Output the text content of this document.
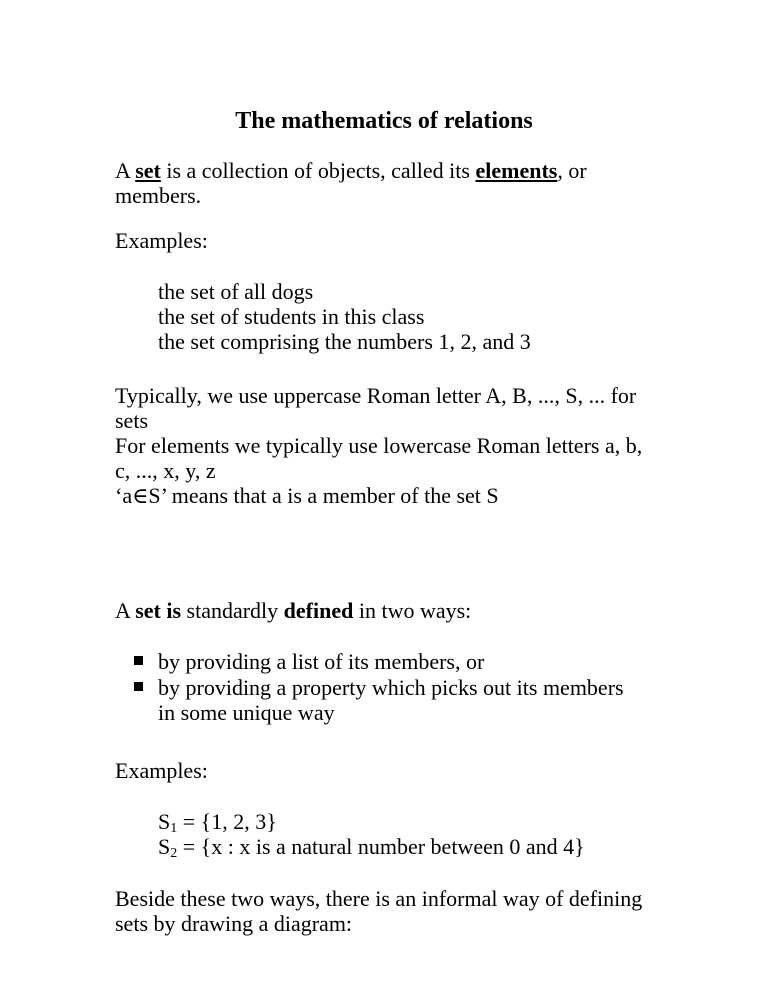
The mathematics of relations
A set is a collection of objects, called its elements, or
members.
Examples:
the set of all dogs
the set of students in this class
the set comprising the numbers 1, 2, and 3
Typically, we use uppercase Roman letter A, B, ..., S, ... for
sets
For elements we typically use lowercase Roman letters a, b,
c, ..., x, y, z
‘a∈S’ means that a is a member of the set S
A set is standardly defined in two ways:
by providing a list of its members, or
by providing a property which picks out its members
in some unique way
Examples:
$S_1 = \{1$, 2, 3}
$S_2 = \{x$ : x is a natural number between 0 and 4}
Beside these two ways, there is an informal way of defining
sets by drawing a diagram:
